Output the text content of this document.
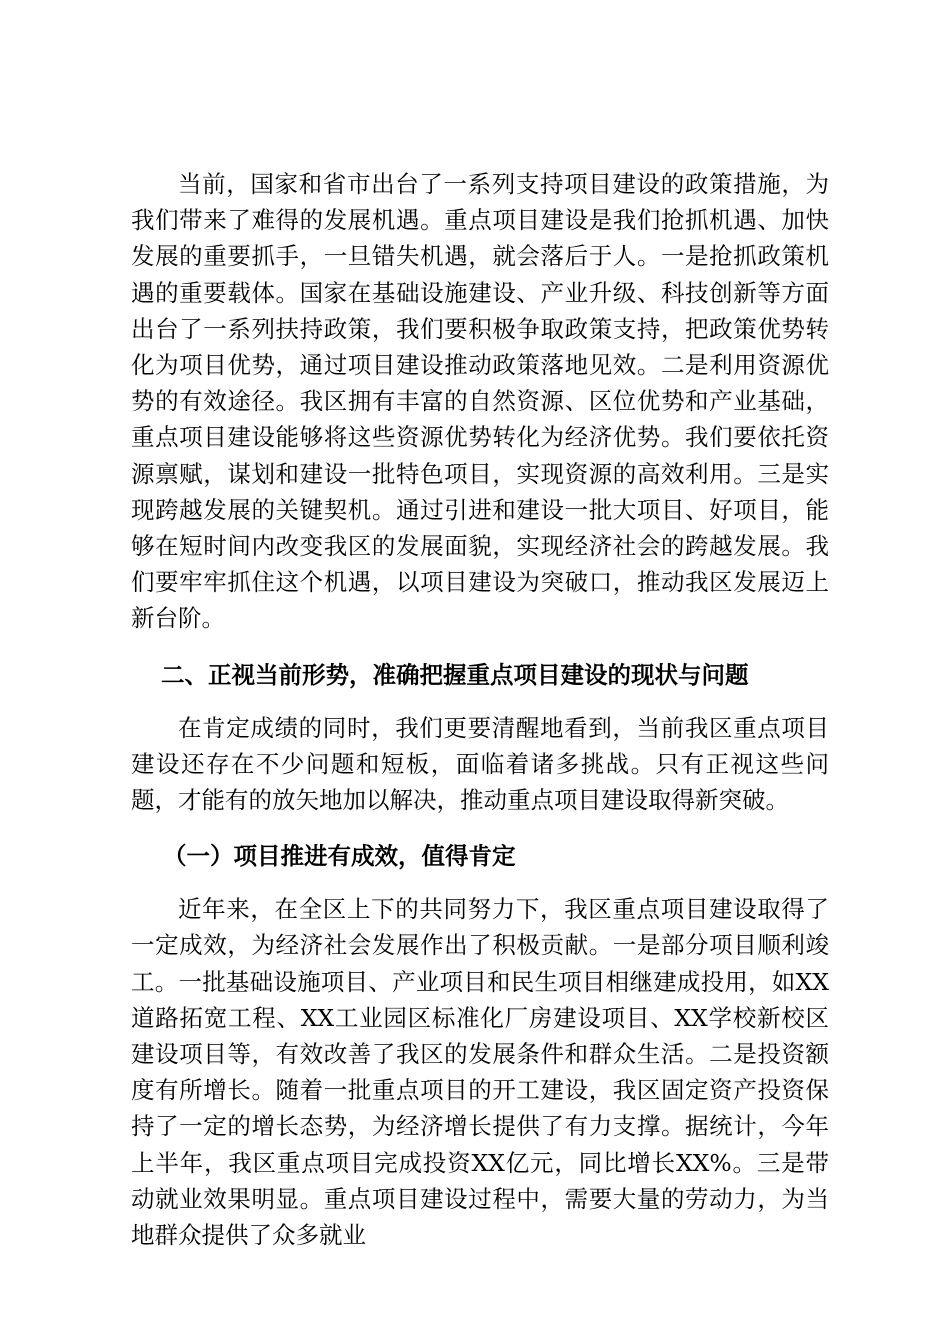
当前，国家和省市出台了一系列支持项目建设的政策措施，为我们带来了难得的发展机遇。重点项目建设是我们抢抓机遇、加快发展的重要抓手，一旦错失机遇，就会落后于人。一是抢抓政策机遇的重要载体。国家在基础设施建设、产业升级、科技创新等方面出台了一系列扶持政策，我们要积极争取政策支持，把政策优势转化为项目优势，通过项目建设推动政策落地见效。二是利用资源优势的有效途径。我区拥有丰富的自然资源、区位优势和产业基础，重点项目建设能够将这些资源优势转化为经济优势。我们要依托资源禀赋，谋划和建设一批特色项目，实现资源的高效利用。三是实现跨越发展的关键契机。通过引进和建设一批大项目、好项目，能够在短时间内改变我区的发展面貌，实现经济社会的跨越发展。我们要牢牢抓住这个机遇，以项目建设为突破口，推动我区发展迈上新台阶。

二、正视当前形势，准确把握重点项目建设的现状与问题

在肯定成绩的同时，我们更要清醒地看到，当前我区重点项目建设还存在不少问题和短板，面临着诸多挑战。只有正视这些问题，才能有的放矢地加以解决，推动重点项目建设取得新突破。

（一）项目推进有成效，值得肯定

近年来，在全区上下的共同努力下，我区重点项目建设取得了一定成效，为经济社会发展作出了积极贡献。一是部分项目顺利竣工。一批基础设施项目、产业项目和民生项目相继建成投用，如XX道路拓宽工程、XX工业园区标准化厂房建设项目、XX学校新校区建设项目等，有效改善了我区的发展条件和群众生活。二是投资额度有所增长。随着一批重点项目的开工建设，我区固定资产投资保持了一定的增长态势，为经济增长提供了有力支撑。据统计，今年上半年，我区重点项目完成投资XX亿元，同比增长XX%。三是带动就业效果明显。重点项目建设过程中，需要大量的劳动力，为当地群众提供了众多就业
